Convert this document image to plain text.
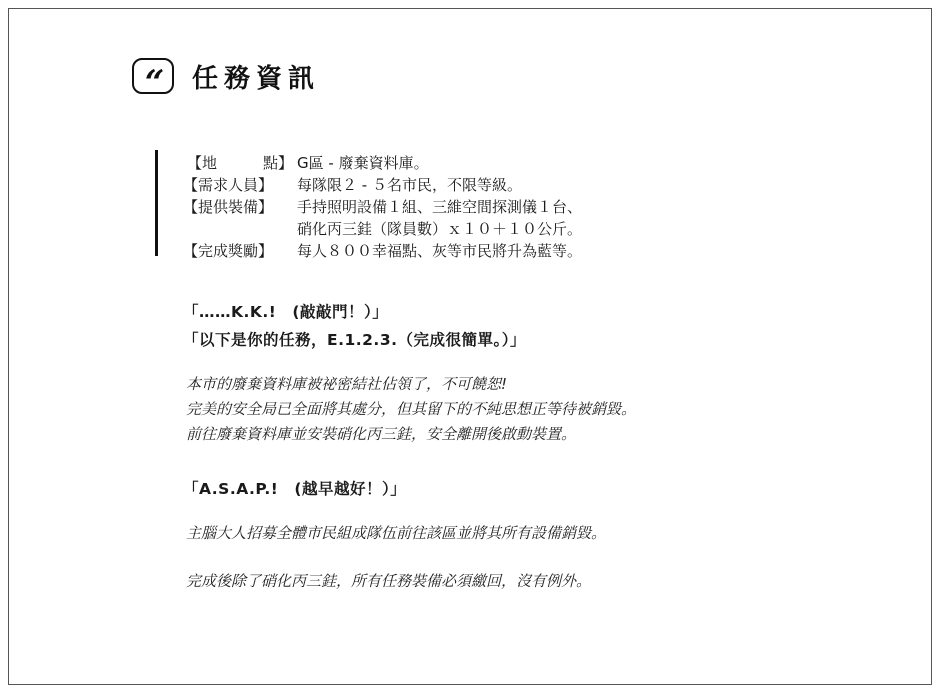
“	任務資訊
【地	點】 G區 - 廢棄資料庫。
【需求人員】	每隊限２ - ５名市民，不限等級。
【提供裝備】	手持照明設備１組、三維空間探測儀１台、
硝化丙三銈（隊員數）ｘ１０＋１０公斤。
【完成獎勵】	每人８００幸福點、灰等市民將升為藍等。
「……K.K.!　(敲敲門！）」
「以下是你的任務，E.1.2.3.（完成很簡單。）」
本市的廢棄資料庫被祕密結社佔領了，不可饒恕!
完美的安全局已全面將其處分，但其留下的不純思想正等待被銷毀。
前往廢棄資料庫並安裝硝化丙三銈，安全離開後啟動裝置。
「A.S.A.P.!　(越早越好！）」
主腦大人招募全體市民組成隊伍前往該區並將其所有設備銷毀。
完成後除了硝化丙三銈，所有任務裝備必須繳回，沒有例外。
